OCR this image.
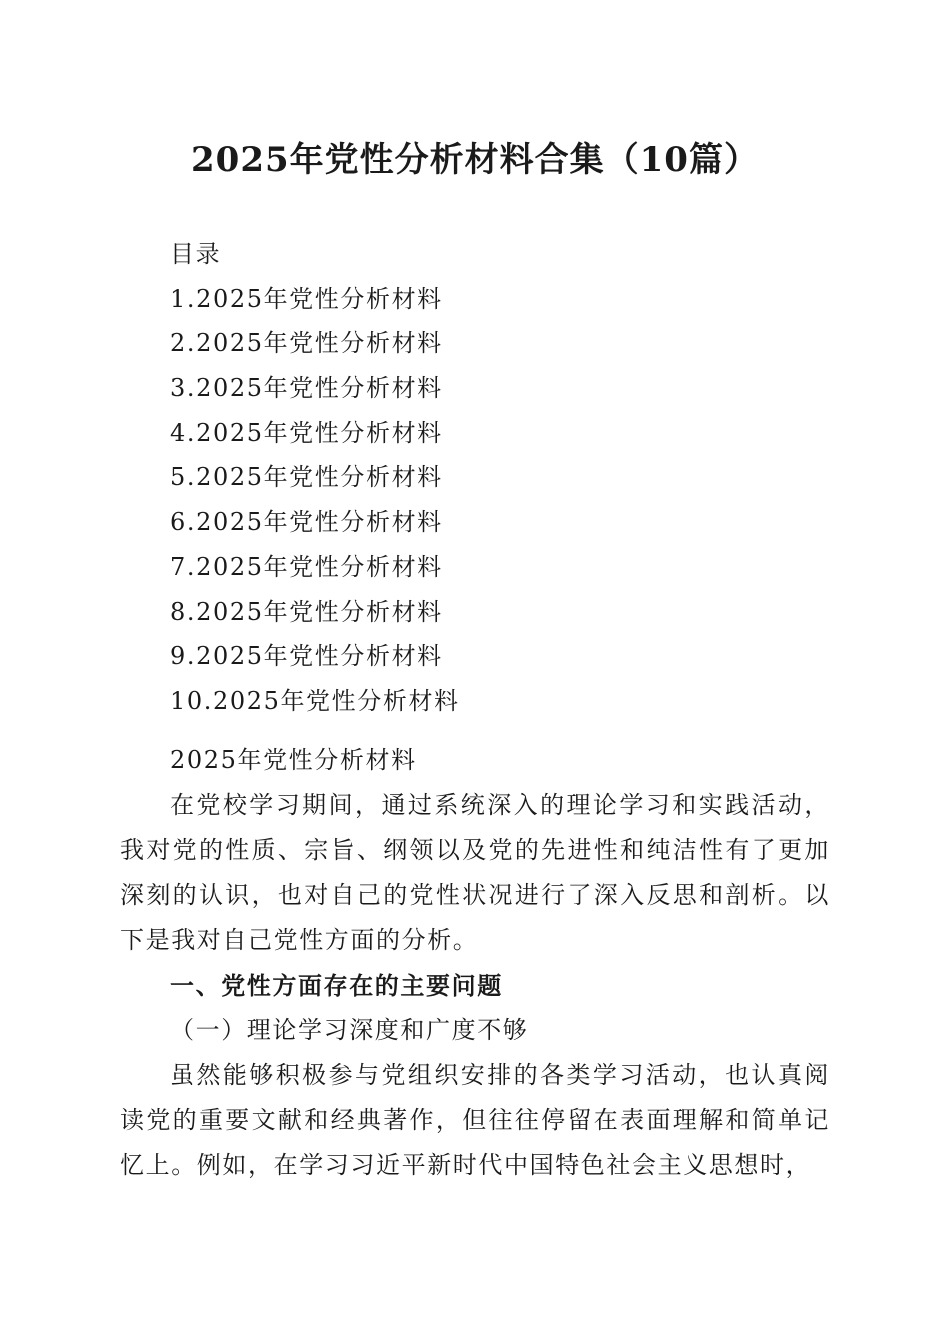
2025年党性分析材料合集（10篇）
目录
1.2025年党性分析材料
2.2025年党性分析材料
3.2025年党性分析材料
4.2025年党性分析材料
5.2025年党性分析材料
6.2025年党性分析材料
7.2025年党性分析材料
8.2025年党性分析材料
9.2025年党性分析材料
10.2025年党性分析材料
2025年党性分析材料

在党校学习期间，通过系统深入的理论学习和实践活动，我对党的性质、宗旨、纲领以及党的先进性和纯洁性有了更加深刻的认识，也对自己的党性状况进行了深入反思和剖析。以下是我对自己党性方面的分析。

一、党性方面存在的主要问题
（一）理论学习深度和广度不够

虽然能够积极参与党组织安排的各类学习活动，也认真阅读党的重要文献和经典著作，但往往停留在表面理解和简单记忆上。例如，在学习习近平新时代中国特色社会主义思想时，
